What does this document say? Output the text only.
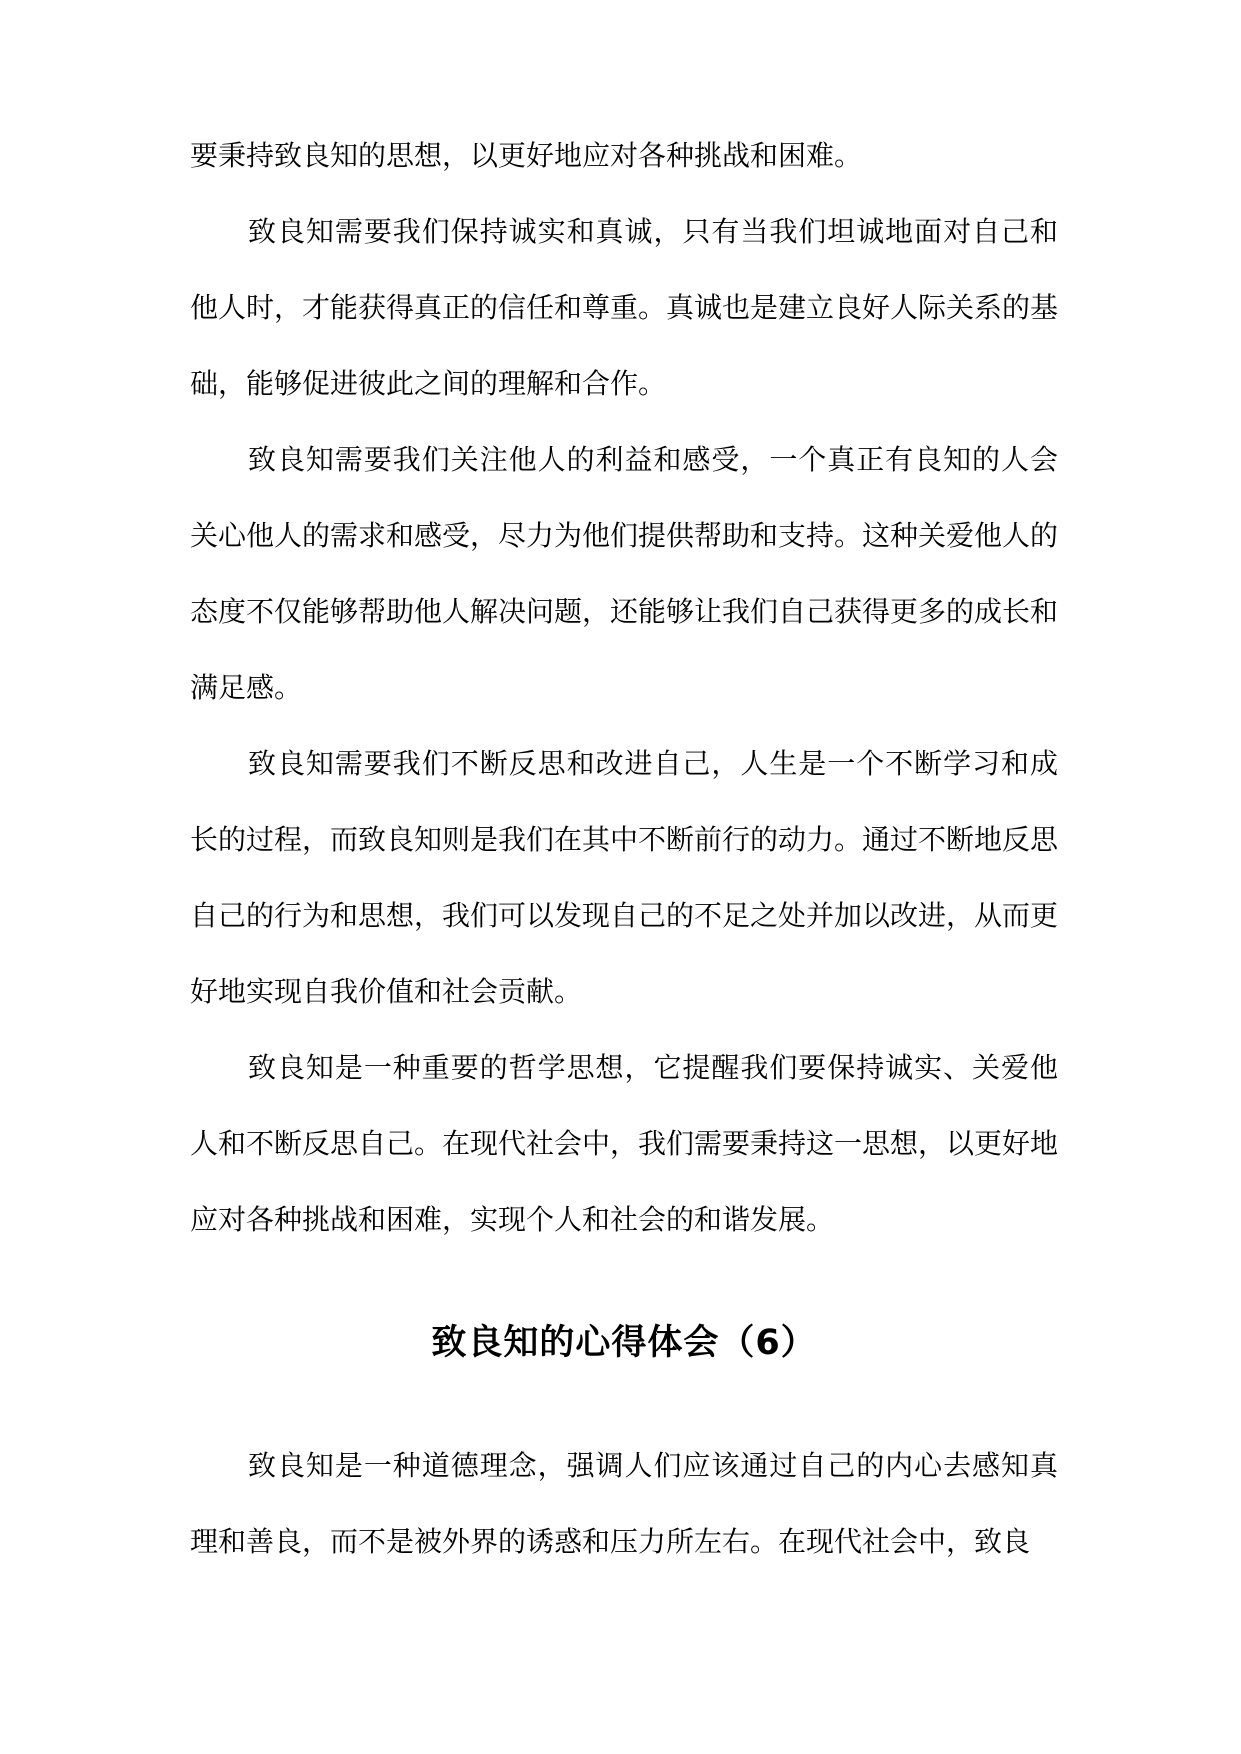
要秉持致良知的思想，以更好地应对各种挑战和困难。

致良知需要我们保持诚实和真诚，只有当我们坦诚地面对自己和他人时，才能获得真正的信任和尊重。真诚也是建立良好人际关系的基础，能够促进彼此之间的理解和合作。

致良知需要我们关注他人的利益和感受，一个真正有良知的人会关心他人的需求和感受，尽力为他们提供帮助和支持。这种关爱他人的态度不仅能够帮助他人解决问题，还能够让我们自己获得更多的成长和满足感。

致良知需要我们不断反思和改进自己，人生是一个不断学习和成长的过程，而致良知则是我们在其中不断前行的动力。通过不断地反思自己的行为和思想，我们可以发现自己的不足之处并加以改进，从而更好地实现自我价值和社会贡献。

致良知是一种重要的哲学思想，它提醒我们要保持诚实、关爱他人和不断反思自己。在现代社会中，我们需要秉持这一思想，以更好地应对各种挑战和困难，实现个人和社会的和谐发展。

致良知的心得体会（6）

致良知是一种道德理念，强调人们应该通过自己的内心去感知真理和善良，而不是被外界的诱惑和压力所左右。在现代社会中，致良
